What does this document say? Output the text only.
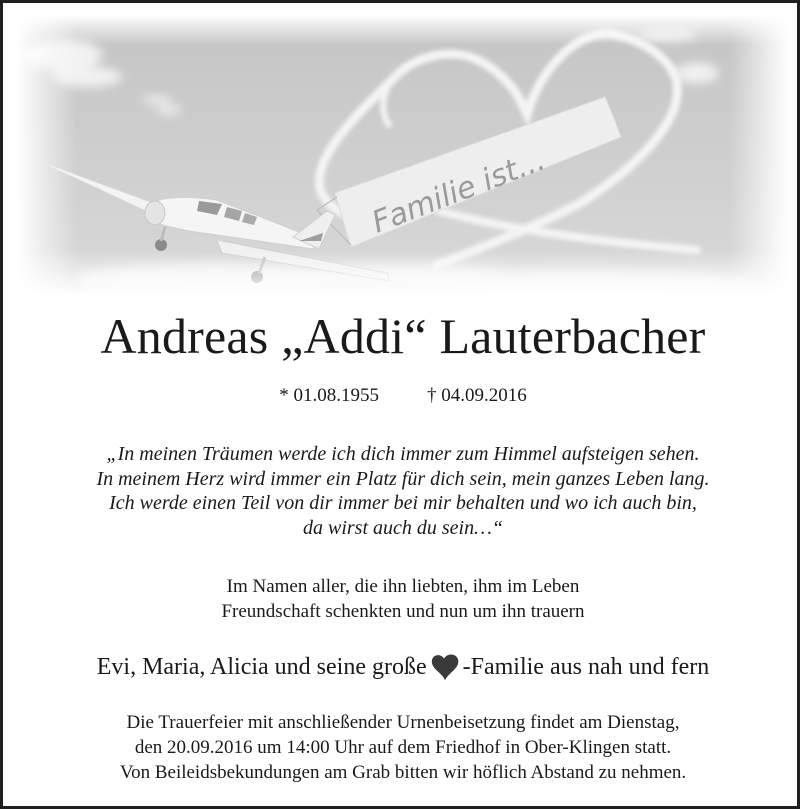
Familie ist...
Andreas „Addi“ Lauterbacher
* 01.08.1955	† 04.09.2016
„In meinen Träumen werde ich dich immer zum Himmel aufsteigen sehen.
In meinem Herz wird immer ein Platz für dich sein, mein ganzes Leben lang.
Ich werde einen Teil von dir immer bei mir behalten und wo ich auch bin,
da wirst auch du sein…“
Im Namen aller, die ihn liebten, ihm im Leben
Freundschaft schenkten und nun um ihn trauern
Evi, Maria, Alicia und seine große -Familie aus nah und fern
Die Trauerfeier mit anschließender Urnenbeisetzung findet am Dienstag,
den 20.09.2016 um 14:00 Uhr auf dem Friedhof in Ober-Klingen statt.
Von Beileidsbekundungen am Grab bitten wir höflich Abstand zu nehmen.
